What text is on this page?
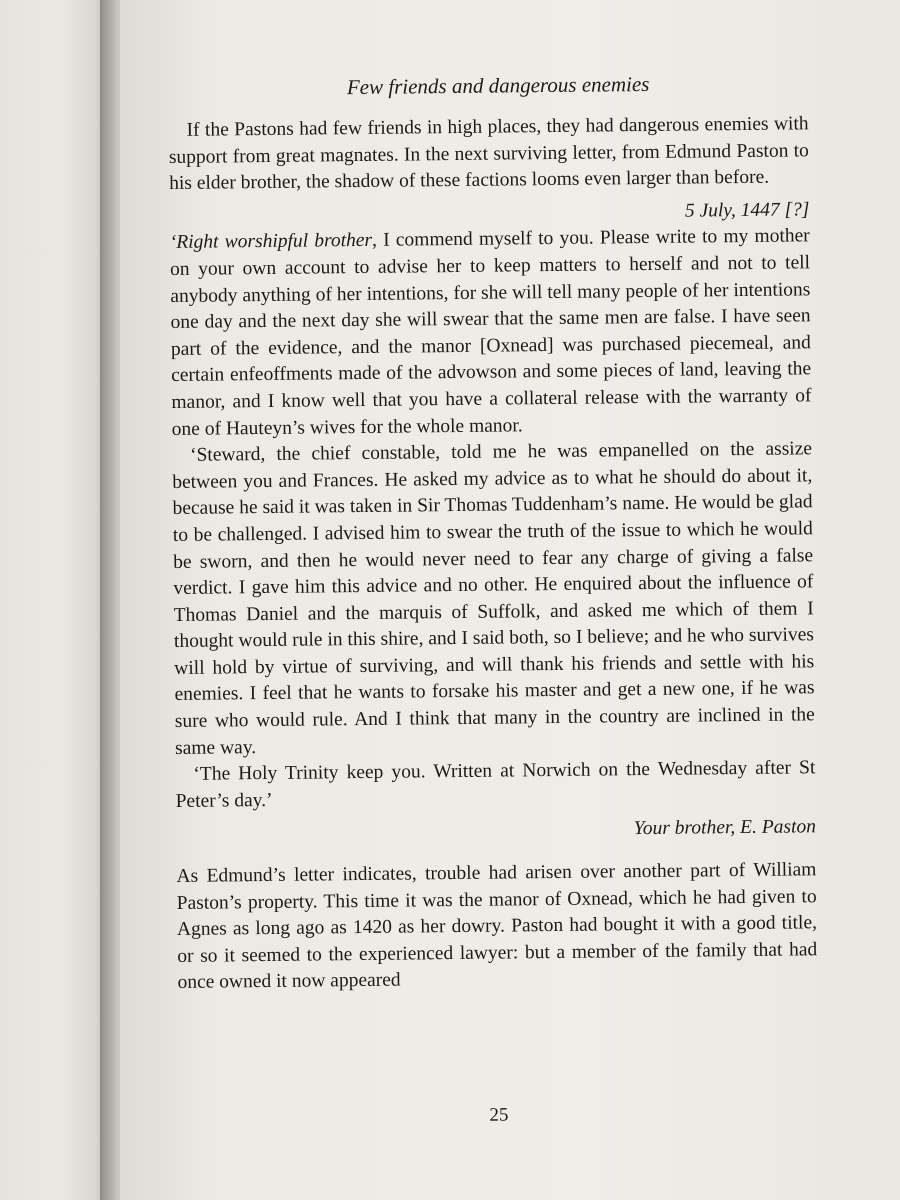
Few friends and dangerous enemies

If the Pastons had few friends in high places, they had dangerous enemies with support from great magnates. In the next surviving letter, from Edmund Paston to his elder brother, the shadow of these factions looms even larger than before.

5 July, 1447 [?]

‘Right worshipful brother, I commend myself to you. Please write to my mother on your own account to advise her to keep matters to herself and not to tell anybody anything of her intentions, for she will tell many people of her intentions one day and the next day she will swear that the same men are false. I have seen part of the evidence, and the manor [Oxnead] was purchased piecemeal, and certain enfeoffments made of the advowson and some pieces of land, leaving the manor, and I know well that you have a collateral release with the warranty of one of Hauteyn’s wives for the whole manor.

‘Steward, the chief constable, told me he was empanelled on the assize between you and Frances. He asked my advice as to what he should do about it, because he said it was taken in Sir Thomas Tuddenham’s name. He would be glad to be challenged. I advised him to swear the truth of the issue to which he would be sworn, and then he would never need to fear any charge of giving a false verdict. I gave him this advice and no other. He enquired about the influence of Thomas Daniel and the marquis of Suffolk, and asked me which of them I thought would rule in this shire, and I said both, so I believe; and he who survives will hold by virtue of surviving, and will thank his friends and settle with his enemies. I feel that he wants to forsake his master and get a new one, if he was sure who would rule. And I think that many in the country are inclined in the same way.

‘The Holy Trinity keep you. Written at Norwich on the Wednesday after St Peter’s day.’

Your brother, E. Paston

As Edmund’s letter indicates, trouble had arisen over another part of William Paston’s property. This time it was the manor of Oxnead, which he had given to Agnes as long ago as 1420 as her dowry. Paston had bought it with a good title, or so it seemed to the experienced lawyer: but a member of the family that had once owned it now appeared

25
